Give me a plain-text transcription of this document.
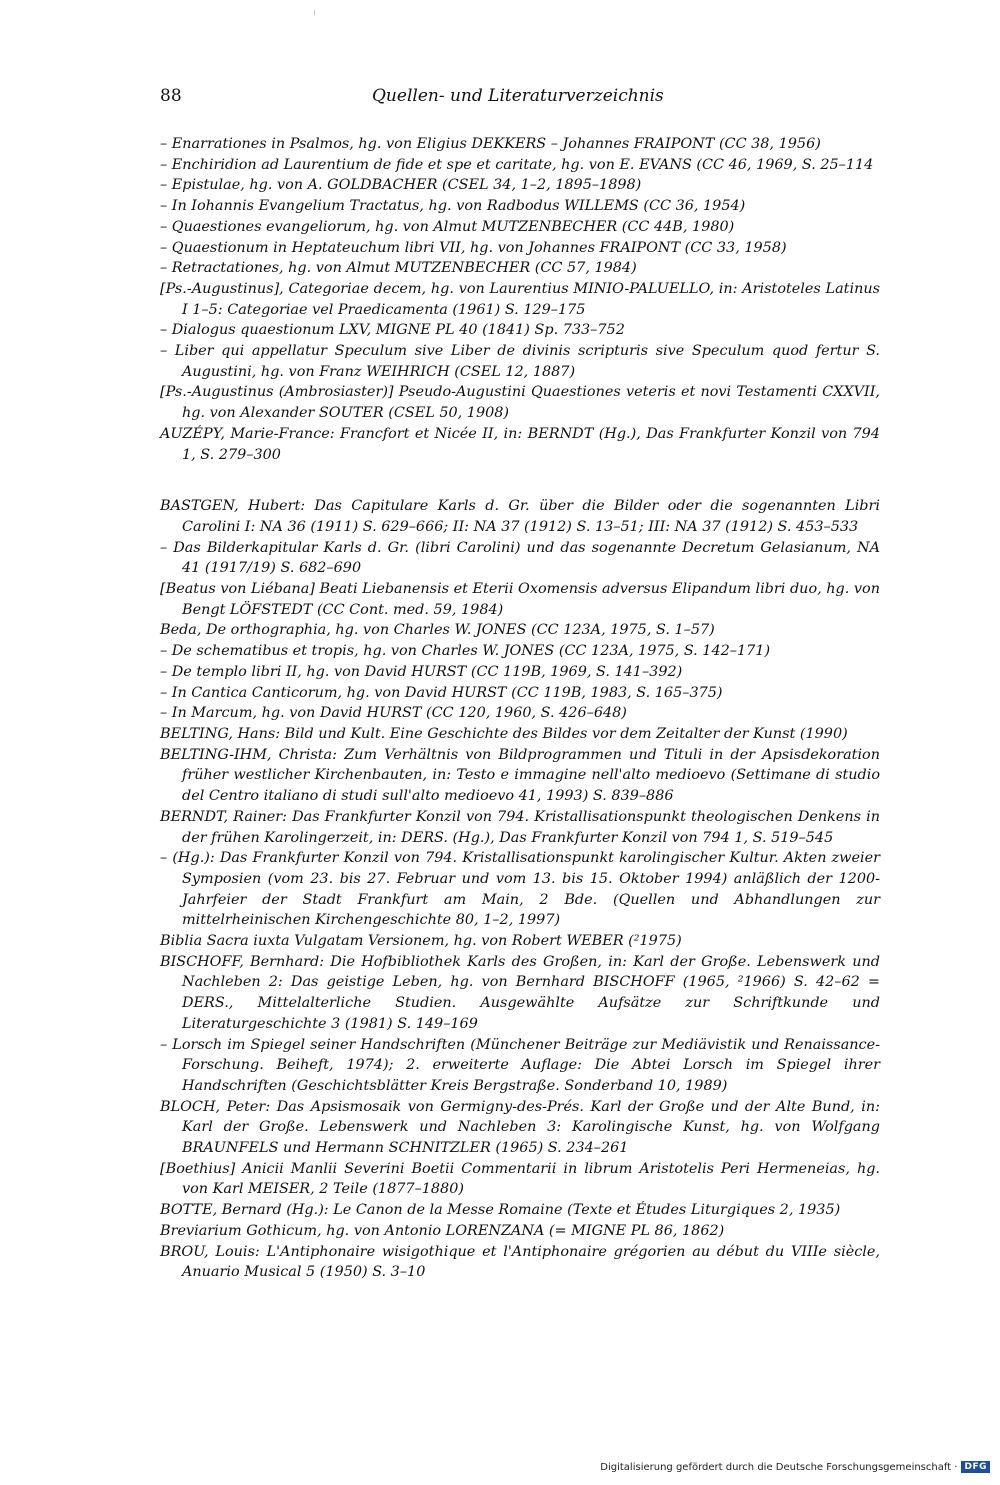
88	Quellen- und Literaturverzeichnis

– Enarrationes in Psalmos, hg. von Eligius DEKKERS – Johannes FRAIPONT (CC 38, 1956)

– Enchiridion ad Laurentium de fide et spe et caritate, hg. von E. EVANS (CC 46, 1969, S. 25–114

– Epistulae, hg. von A. GOLDBACHER (CSEL 34, 1–2, 1895–1898)

– In Iohannis Evangelium Tractatus, hg. von Radbodus WILLEMS (CC 36, 1954)

– Quaestiones evangeliorum, hg. von Almut MUTZENBECHER (CC 44B, 1980)

– Quaestionum in Heptateuchum libri VII, hg. von Johannes FRAIPONT (CC 33, 1958)

– Retractationes, hg. von Almut MUTZENBECHER (CC 57, 1984)

[Ps.-Augustinus], Categoriae decem, hg. von Laurentius MINIO-PALUELLO, in: Aristoteles Latinus I 1–5: Categoriae vel Praedicamenta (1961) S. 129–175

– Dialogus quaestionum LXV, MIGNE PL 40 (1841) Sp. 733–752

– Liber qui appellatur Speculum sive Liber de divinis scripturis sive Speculum quod fertur S. Augustini, hg. von Franz WEIHRICH (CSEL 12, 1887)

[Ps.-Augustinus (Ambrosiaster)] Pseudo-Augustini Quaestiones veteris et novi Testamenti CXXVII, hg. von Alexander SOUTER (CSEL 50, 1908)

AUZÉPY, Marie-France: Francfort et Nicée II, in: BERNDT (Hg.), Das Frankfurter Konzil von 794 1, S. 279–300

BASTGEN, Hubert: Das Capitulare Karls d. Gr. über die Bilder oder die sogenannten Libri Carolini I: NA 36 (1911) S. 629–666; II: NA 37 (1912) S. 13–51; III: NA 37 (1912) S. 453–533

– Das Bilderkapitular Karls d. Gr. (libri Carolini) und das sogenannte Decretum Gelasianum, NA 41 (1917/19) S. 682–690

[Beatus von Liébana] Beati Liebanensis et Eterii Oxomensis adversus Elipandum libri duo, hg. von Bengt LÖFSTEDT (CC Cont. med. 59, 1984)

Beda, De orthographia, hg. von Charles W. JONES (CC 123A, 1975, S. 1–57)

– De schematibus et tropis, hg. von Charles W. JONES (CC 123A, 1975, S. 142–171)

– De templo libri II, hg. von David HURST (CC 119B, 1969, S. 141–392)

– In Cantica Canticorum, hg. von David HURST (CC 119B, 1983, S. 165–375)

– In Marcum, hg. von David HURST (CC 120, 1960, S. 426–648)

BELTING, Hans: Bild und Kult. Eine Geschichte des Bildes vor dem Zeitalter der Kunst (1990)

BELTING-IHM, Christa: Zum Verhältnis von Bildprogrammen und Tituli in der Apsisdekoration früher westlicher Kirchenbauten, in: Testo e immagine nell'alto medioevo (Settimane di studio del Centro italiano di studi sull'alto medioevo 41, 1993) S. 839–886

BERNDT, Rainer: Das Frankfurter Konzil von 794. Kristallisationspunkt theologischen Denkens in der frühen Karolingerzeit, in: DERS. (Hg.), Das Frankfurter Konzil von 794 1, S. 519–545

– (Hg.): Das Frankfurter Konzil von 794. Kristallisationspunkt karolingischer Kultur. Akten zweier Symposien (vom 23. bis 27. Februar und vom 13. bis 15. Oktober 1994) anläßlich der 1200-Jahrfeier der Stadt Frankfurt am Main, 2 Bde. (Quellen und Abhandlungen zur mittelrheinischen Kirchengeschichte 80, 1–2, 1997)

Biblia Sacra iuxta Vulgatam Versionem, hg. von Robert WEBER (²1975)

BISCHOFF, Bernhard: Die Hofbibliothek Karls des Großen, in: Karl der Große. Lebenswerk und Nachleben 2: Das geistige Leben, hg. von Bernhard BISCHOFF (1965, ²1966) S. 42–62 = DERS., Mittelalterliche Studien. Ausgewählte Aufsätze zur Schriftkunde und Literaturgeschichte 3 (1981) S. 149–169

– Lorsch im Spiegel seiner Handschriften (Münchener Beiträge zur Mediävistik und Renaissance-Forschung. Beiheft, 1974); 2. erweiterte Auflage: Die Abtei Lorsch im Spiegel ihrer Handschriften (Geschichtsblätter Kreis Bergstraße. Sonderband 10, 1989)

BLOCH, Peter: Das Apsismosaik von Germigny-des-Prés. Karl der Große und der Alte Bund, in: Karl der Große. Lebenswerk und Nachleben 3: Karolingische Kunst, hg. von Wolfgang BRAUNFELS und Hermann SCHNITZLER (1965) S. 234–261

[Boethius] Anicii Manlii Severini Boetii Commentarii in librum Aristotelis Peri Hermeneias, hg. von Karl MEISER, 2 Teile (1877–1880)

BOTTE, Bernard (Hg.): Le Canon de la Messe Romaine (Texte et Études Liturgiques 2, 1935)

Breviarium Gothicum, hg. von Antonio LORENZANA (= MIGNE PL 86, 1862)

BROU, Louis: L'Antiphonaire wisigothique et l'Antiphonaire grégorien au début du VIIIe siècle, Anuario Musical 5 (1950) S. 3–10

Digitalisierung gefördert durch die Deutsche Forschungsgemeinschaft · DFG
